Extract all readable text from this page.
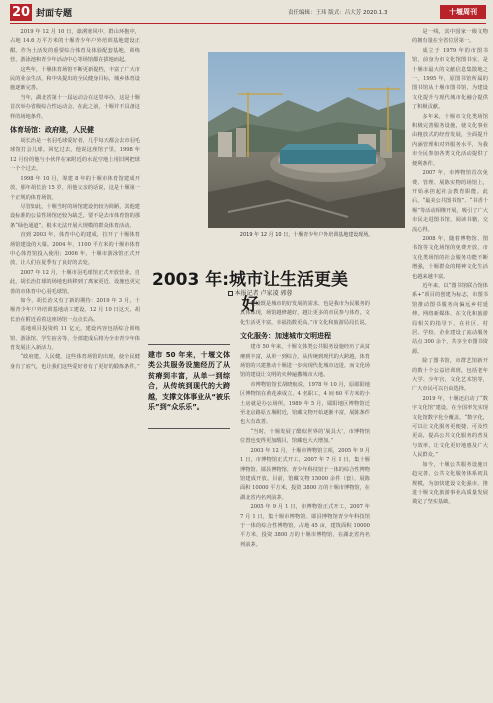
20 封面专题	责任编辑：王玮 版式：吕大芳 2020.1.3	十堰周刊

2019 年 12 月 10 日，凛冽寒风中，群山环抱中，占地 14.6 万平方米的十堰青少年户外培训基地建设正酣。作为土活发的重要综合体育及体验配套基地，训练营、游泳池和青少年活动中心等场馆都在拔地而起。

这些年，十堰体育场馆不断更新提档，丰富了广大市民的业余生活，和中央提出的全民健身目标，城乡体育设施逐渐完善。

当年，湖北省第十一届运动会在这里举办，这是十堰首次举办省级综合性运动会，在此之前，十堰并不具备这样的场地条件。

体育场馆：政府建，人民健

胡长治是一名羽毛球爱好者，几乎每天都会去市羽毛球馆打会儿球。回忆过去，他说这座馆子里，1998 年 12 月份的他与小伙伴在家附近的水泥空地上用旧网把球一个个过去。

1998 年 10 月，筹建 8 年的十堰市体育馆建成开放，那年胡长治 15 岁，用他父亲的话说，这是十堰第一个正规的体育场馆。

尽管如此，十堰当时的场馆建设仍较为简陋，其他建设标准的公益性场馆还较为缺乏。要不是去市体育馆的那条“绿色通道”，根本无法开展大规模的群众体育活动。

直到 2003 年，体育中心的建成，拉开了十堰体育场馆建设的大幕。2004 年，1100 平方米的十堰市体育中心体育馆投入使用；2006 年，十堰市游泳馆正式开放，让人们在夏季有了良好的去处。

2007 年 12 月，十堰市羽毛球馆正式开放营业。自此，胡长治打球的场地也转移到了离家更近、设施也更完善的市体育中心羽毛球馆。

如今，胡长治又有了新的期待：2019 年 3 月，十堰青少年户外培训基地动工建设。12 月 10 日这天，胡长治在附近看着这座场馆一点点长高。

基地项目投资约 11 亿元，建设内容包括综合训练馆、游泳馆、学生宿舍等，全部建成后将为全市青少年体育发展注入新活力。

“政府建，人民健。这些体育场馆的出现，使全民健身有了底气，也让我们这些爱好者有了更好的锻炼条件。”

2019 年 12 月 10 日，十堰青少年户外培训基地建设现场。
2003 年:城市让生活更美好
本报记者 卢家凌 郭蓉
建市 50 年来，十堰文体类公共服务设施经历了从贫瘠到丰富，从单一到综合，从传统到现代的大跨越，支撑文体事业从“被乐乐”到“众乐乐”。

建设既是城市的好发展的需求，也是我市为民服务的具体体现，场馆越修越好，越让更多的市民参与体育，文化生活更丰富，幸福指数更高。”市文化和旅游局局长说。

文化服务：加速城市文明进程

建市 50 年来，十堰文体类公共服务设施经历了从贫瘠到丰富，从单一到综合，从传统到现代的大跨越，体育场馆的兴建推动十堰进一步向现代化城市迈进，而文化场馆的建设让文明的火种遍撒城市大地。

市博物馆馆长胡晓航说，1978 年 10 月，原郧阳地区博物馆在黄花素成立，4 名职工，4 间 60 平方米的小土房就是办公场所。1989 年 5 月，郧阳地区博物馆迁至北京路原五堰附近，馆藏文物开始逐渐丰富，展陈条件也大有改善。

“当时，十堰发展了酷似世界的‘展具大’，市博物馆位置也变得更加醒目，馆藏也大大增加。”

2003 年 12 月，十堰市博物馆立项，2005 年 9 月 1 日，市博物馆正式开工，2007 年 7 月 1 日，集十堰博物馆、郧县博物馆、青少年科技馆于一体的综合性博物馆建成开放。目前，馆藏文物 15000 余件（套），展陈面积 10000 平方米，投资 3800 万的十堰市博物馆，在湖北省内名列前茅。

2005 年 9 月 1 日，市博物馆正式开工，2007 年 7 月 1 日，集十堰市博物馆、郧县博物馆青少年科技馆于一体的综合性博物馆，占地 45 亩，建筑面积 10000 平方米，投资 3800 万的十堰市博物馆，在湖北省内名列前茅。

是一线，其中国家一级文物的拥有量在全省位居第一。

成立于 1979 年的市图书馆，前身为市文化馆图书室，是十堰市最大的文献信息集散地之一。1995 年，原图书馆所属的图书馆从十堰市图书馆，为建设文化提升与现代城市化融合提供了积极贡献。

多年来，十堰市文化类场馆积极完善服务设施，使文化事业由粗放式的经营发展，全面提升内涵管理和对外服务水平，为我市全民参加各类文化活动提供了便利条件。

2007 年，市博物馆首次免费、管理、展陈实物的场馆上，开始承担起社会教育职能。此后，“最美公共图书馆”、“书香十堰”等活动相继开展，吸引了广大市民走进图书馆、阅读书籍、交流心得。

2008 年，随着博物馆、图书馆等文化场馆的免费开放，市文化类场馆的社会服务功能不断增强，十堰群众的精神文化生活也越来越丰富。

近年来，以“图书馆联合馆体系+”项目的创建为标志，市图书馆推动图书服务向偏远乡村延伸。网络新媒体、在文化和旅游局相关的指导下，在社区、村居、学校、企业建设了流动服务站点 300 余个，共享全市图书资源。

除了图书馆，市群艺馆新开的数十个公益培训班，包括老年大学、少年宫、文化艺术馆等，广大市民可以自由选择。

2019 年，十堰还启动了“数字文化馆”建设，在全国率先实现文化馆数字化全覆盖。“数字化，可以让文化服务更便捷、可及性更高，提高公共文化服务的普及与效率，让文化更好地惠及广大人民群众。”

如今，十堰公共服务设施日趋完善，公共文化服务体系初具规模，为加快建设文化强市，推进十堰文化旅游事业高质量发展奠定了坚实基础。
